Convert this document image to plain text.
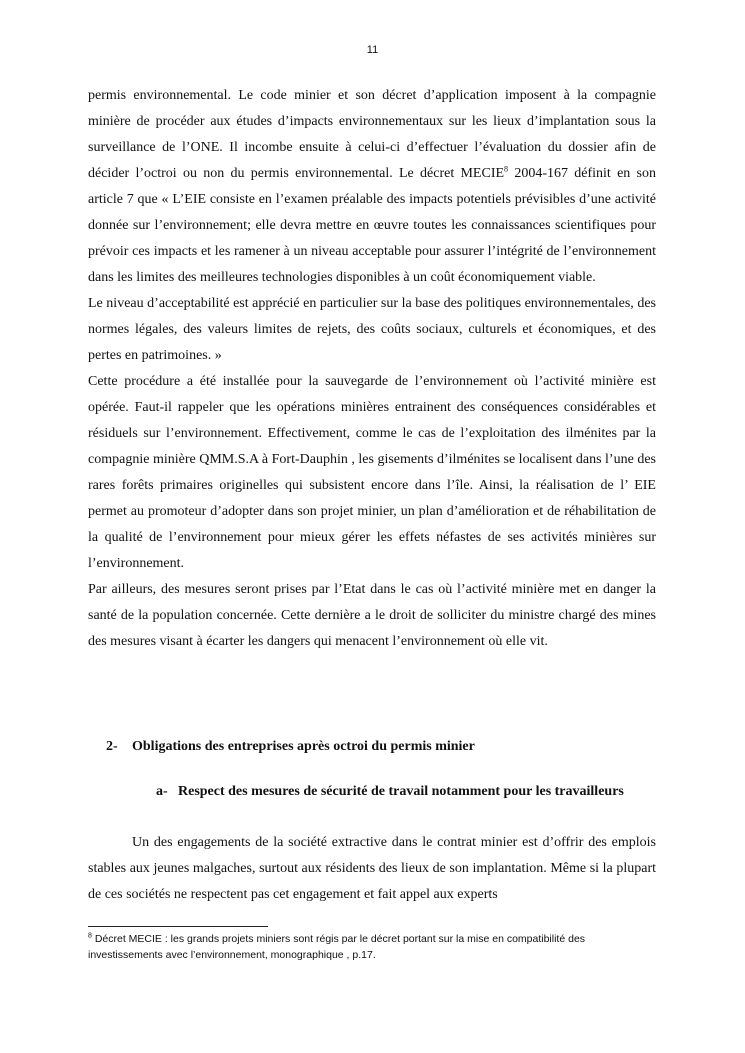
11

permis environnemental. Le code minier et son décret d’application imposent à la compagnie minière de procéder aux études d’impacts environnementaux sur les lieux d’implantation sous la surveillance de l’ONE. Il incombe ensuite à celui-ci d’effectuer l’évaluation du dossier afin de décider l’octroi ou non du permis environnemental. Le décret MECIE$^8$ 2004-167 définit en son article 7 que « L’EIE consiste en l’examen préalable des impacts potentiels prévisibles d’une activité donnée sur l’environnement; elle devra mettre en œuvre toutes les connaissances scientifiques pour prévoir ces impacts et les ramener à un niveau acceptable pour assurer l’intégrité de l’environnement dans les limites des meilleures technologies disponibles à un coût économiquement viable.

Le niveau d’acceptabilité est apprécié en particulier sur la base des politiques environnementales, des normes légales, des valeurs limites de rejets, des coûts sociaux, culturels et économiques, et des pertes en patrimoines. »

Cette procédure a été installée pour la sauvegarde de l’environnement où l’activité minière est opérée. Faut-il rappeler que les opérations minières entrainent des conséquences considérables et résiduels sur l’environnement. Effectivement, comme le cas de l’exploitation des ilménites par la compagnie minière QMM.S.A à Fort-Dauphin , les gisements d’ilménites se localisent dans l’une des rares forêts primaires originelles qui subsistent encore dans l’île. Ainsi, la réalisation de l’ EIE permet au promoteur d’adopter dans son projet minier, un plan d’amélioration et de réhabilitation de la qualité de l’environnement pour mieux gérer les effets néfastes de ses activités minières sur l’environnement.

Par ailleurs, des mesures seront prises par l’Etat dans le cas où l’activité minière met en danger la santé de la population concernée. Cette dernière a le droit de solliciter du ministre chargé des mines des mesures visant à écarter les dangers qui menacent l’environnement où elle vit.

2- Obligations des entreprises après octroi du permis minier
a- Respect des mesures de sécurité de travail notamment pour les travailleurs

Un des engagements de la société extractive dans le contrat minier est d’offrir des emplois stables aux jeunes malgaches, surtout aux résidents des lieux de son implantation. Même si la plupart de ces sociétés ne respectent pas cet engagement et fait appel aux experts

$^8$ Décret MECIE : les grands projets miniers sont régis par le décret portant sur la mise en compatibilité des investissements avec l’environnement, monographique , p.17.
